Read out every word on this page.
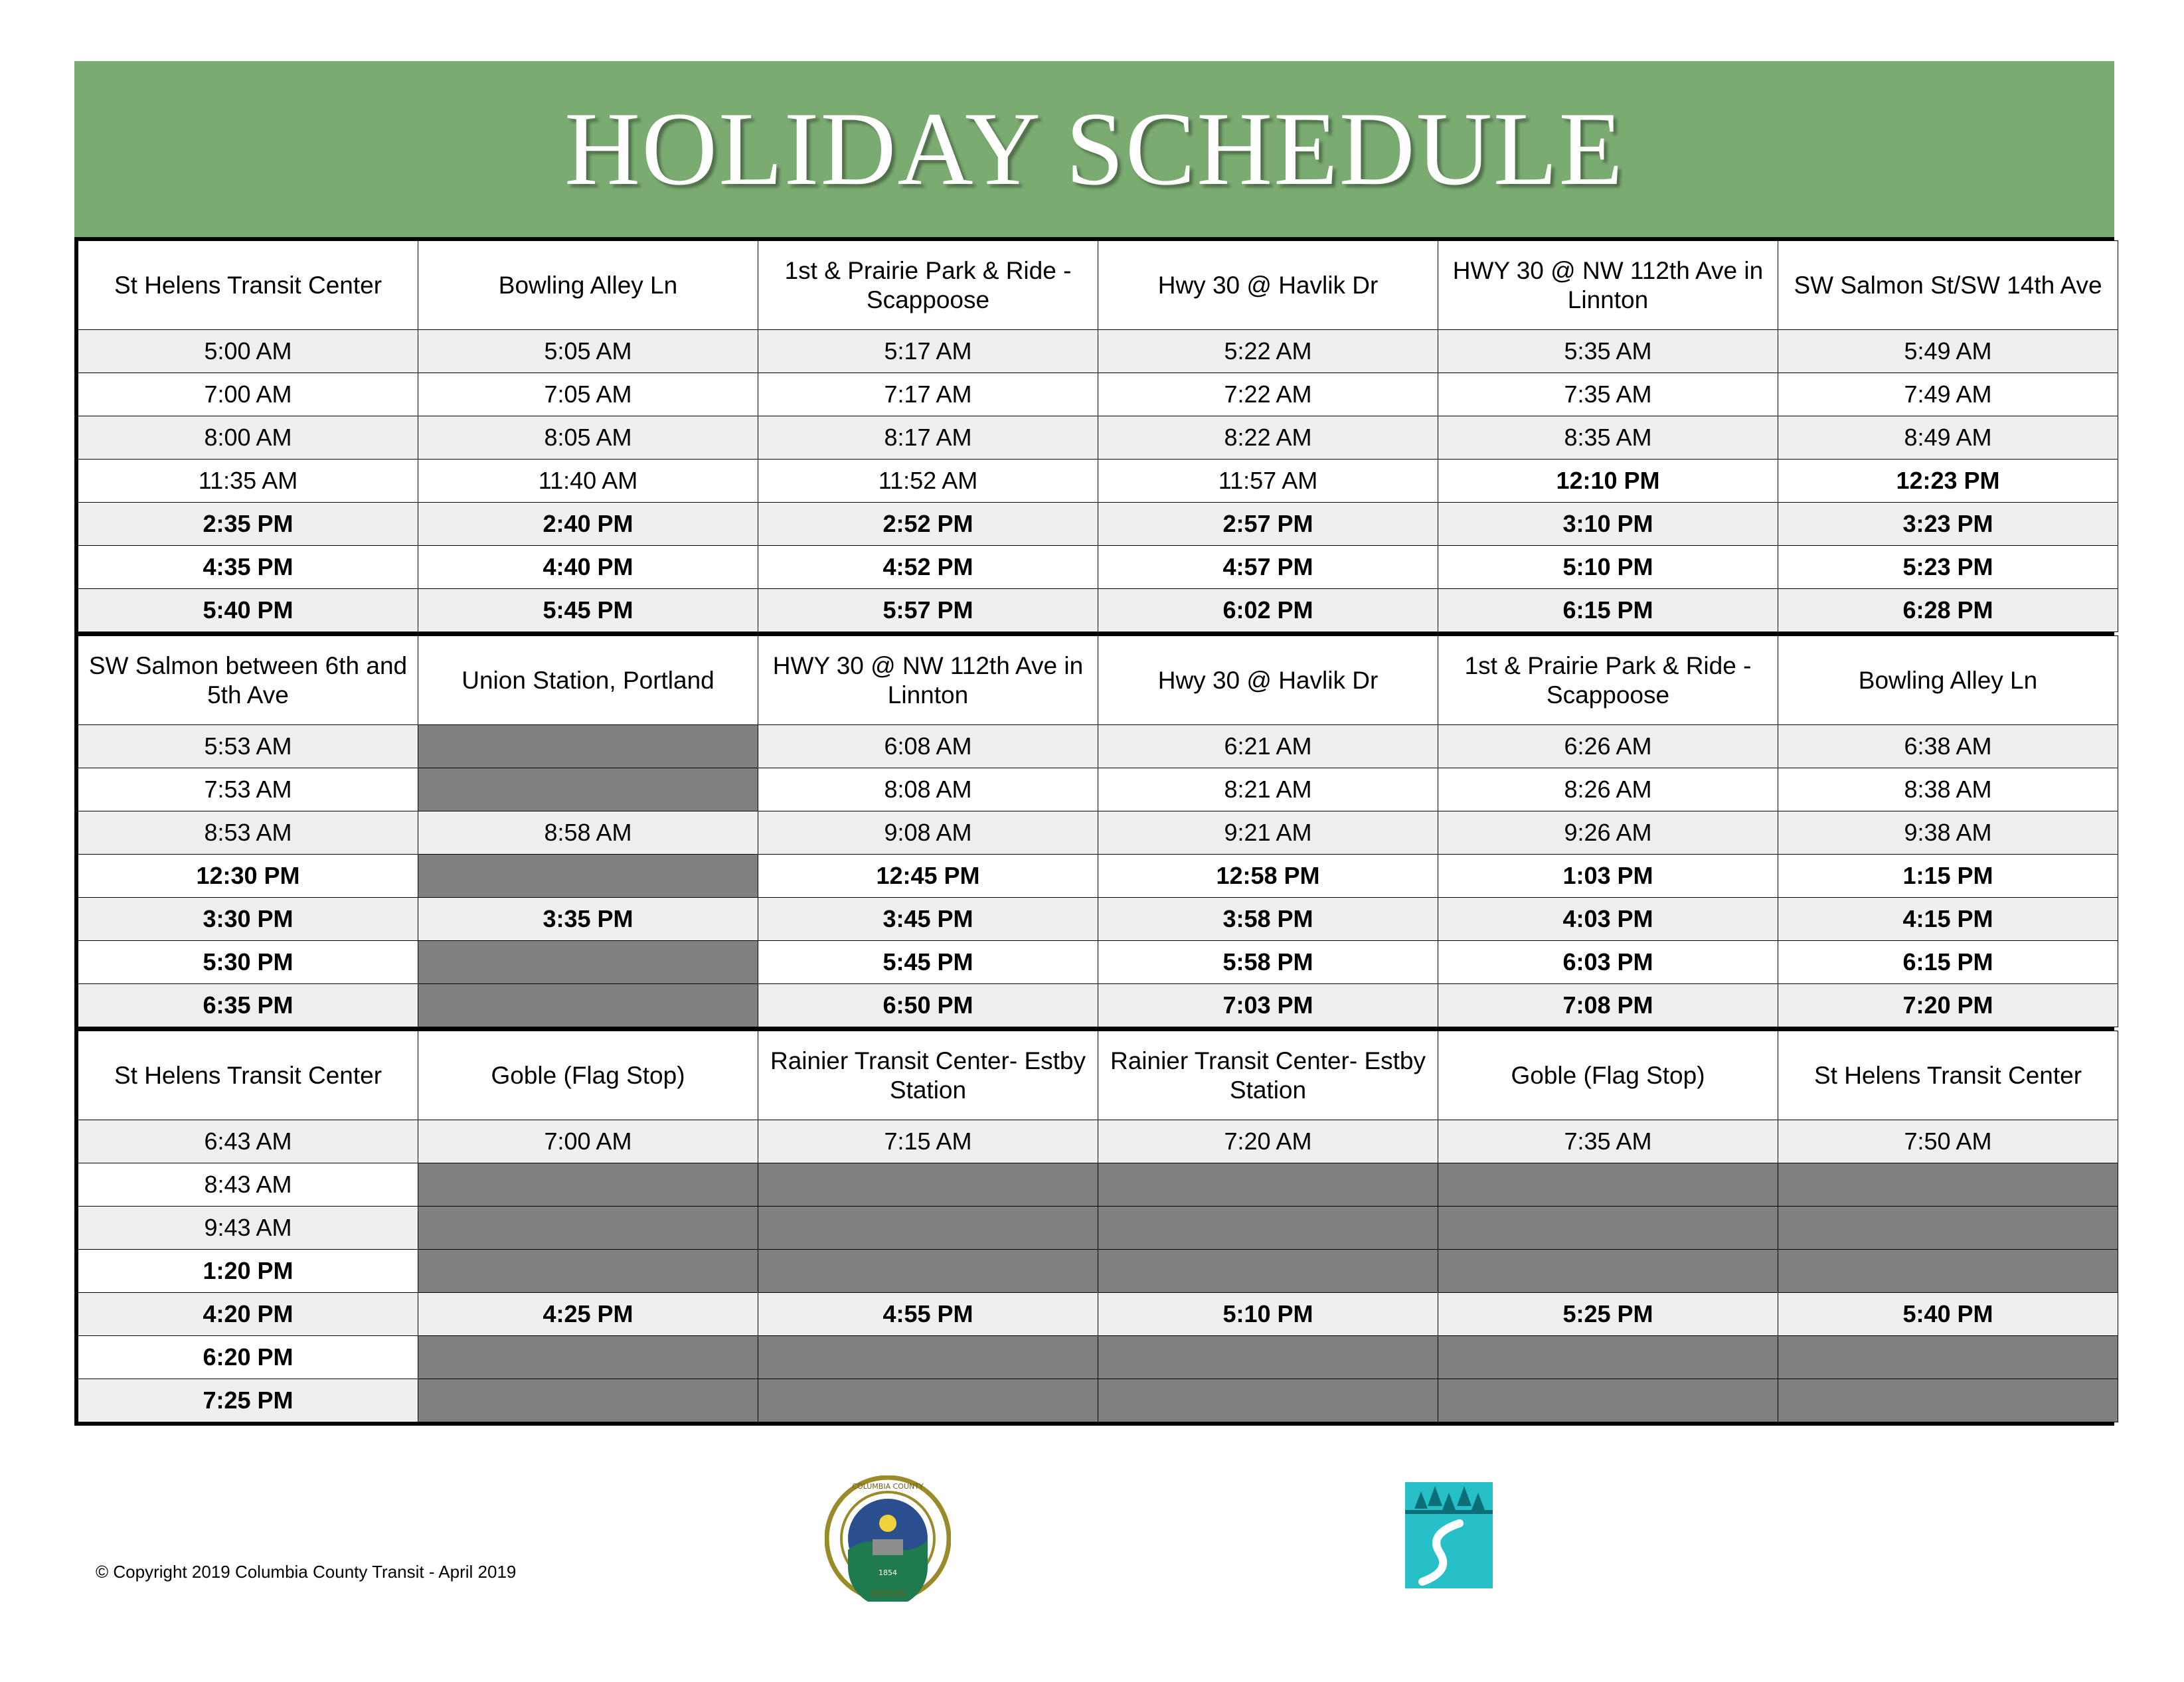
HOLIDAY SCHEDULE
St Helens Transit Center	Bowling Alley Ln	1st & Prairie Park & Ride - Scappoose	Hwy 30 @ Havlik Dr	HWY 30 @ NW 112th Ave in Linnton	SW Salmon St/SW 14th Ave
5:00 AM	5:05 AM	5:17 AM	5:22 AM	5:35 AM	5:49 AM
7:00 AM	7:05 AM	7:17 AM	7:22 AM	7:35 AM	7:49 AM
8:00 AM	8:05 AM	8:17 AM	8:22 AM	8:35 AM	8:49 AM
11:35 AM	11:40 AM	11:52 AM	11:57 AM	12:10 PM	12:23 PM
2:35 PM	2:40 PM	2:52 PM	2:57 PM	3:10 PM	3:23 PM
4:35 PM	4:40 PM	4:52 PM	4:57 PM	5:10 PM	5:23 PM
5:40 PM	5:45 PM	5:57 PM	6:02 PM	6:15 PM	6:28 PM
SW Salmon between 6th and 5th Ave	Union Station, Portland	HWY 30 @ NW 112th Ave in Linnton	Hwy 30 @ Havlik Dr	1st & Prairie Park & Ride - Scappoose	Bowling Alley Ln
5:53 AM		6:08 AM	6:21 AM	6:26 AM	6:38 AM
7:53 AM		8:08 AM	8:21 AM	8:26 AM	8:38 AM
8:53 AM	8:58 AM	9:08 AM	9:21 AM	9:26 AM	9:38 AM
12:30 PM		12:45 PM	12:58 PM	1:03 PM	1:15 PM
3:30 PM	3:35 PM	3:45 PM	3:58 PM	4:03 PM	4:15 PM
5:30 PM		5:45 PM	5:58 PM	6:03 PM	6:15 PM
6:35 PM		6:50 PM	7:03 PM	7:08 PM	7:20 PM
St Helens Transit Center	Goble (Flag Stop)	Rainier Transit Center- Estby Station	Rainier Transit Center- Estby Station	Goble (Flag Stop)	St Helens Transit Center
6:43 AM	7:00 AM	7:15 AM	7:20 AM	7:35 AM	7:50 AM
8:43 AM					
9:43 AM					
1:20 PM					
4:20 PM	4:25 PM	4:55 PM	5:10 PM	5:25 PM	5:40 PM
6:20 PM					
7:25 PM					
© Copyright 2019 Columbia County Transit - April 2019	1854
COLUMBIA COUNTY
OREGON
